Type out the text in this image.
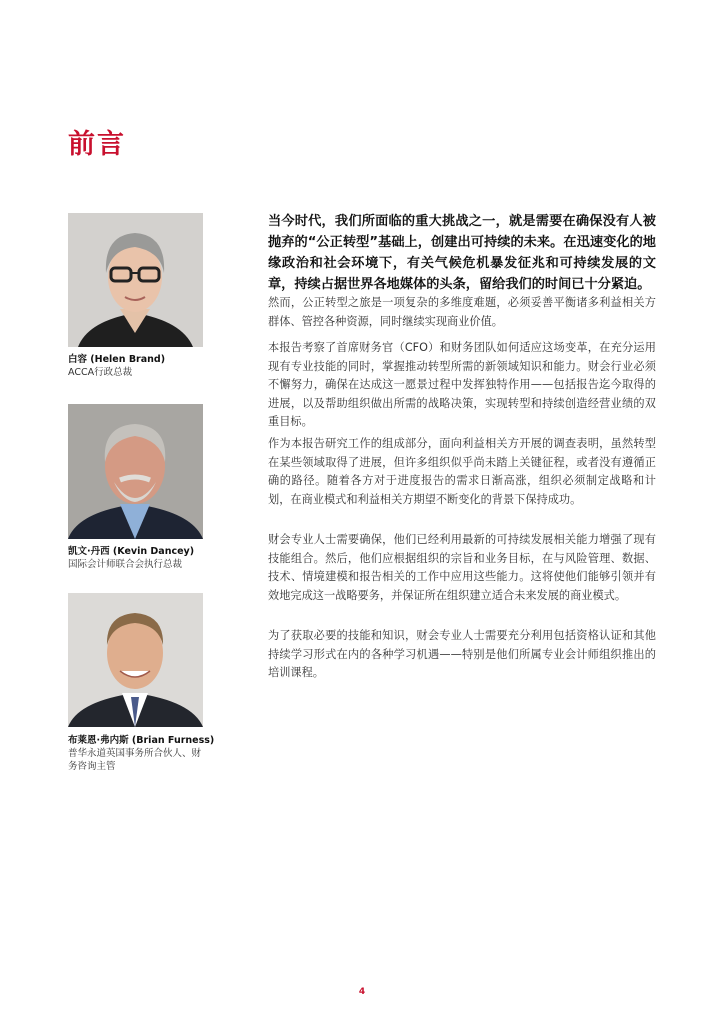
前言
白容 (Helen Brand)
ACCA行政总裁
凯文·丹西 (Kevin Dancey)
国际会计师联合会执行总裁
布莱恩·弗内斯 (Brian Furness)
普华永道英国事务所合伙人、财务咨询主管

当今时代，我们所面临的重大挑战之一，就是需要在确保没有人被抛弃的“公正转型”基础上，创建出可持续的未来。在迅速变化的地缘政治和社会环境下，有关气候危机暴发征兆和可持续发展的文章，持续占据世界各地媒体的头条，留给我们的时间已十分紧迫。

然而，公正转型之旅是一项复杂的多维度难题，必须妥善平衡诸多利益相关方群体、管控各种资源，同时继续实现商业价值。

本报告考察了首席财务官（CFO）和财务团队如何适应这场变革，在充分运用现有专业技能的同时，掌握推动转型所需的新领域知识和能力。财会行业必须不懈努力，确保在达成这一愿景过程中发挥独特作用——包括报告迄今取得的进展，以及帮助组织做出所需的战略决策，实现转型和持续创造经营业绩的双重目标。

作为本报告研究工作的组成部分，面向利益相关方开展的调查表明，虽然转型在某些领域取得了进展，但许多组织似乎尚未踏上关键征程，或者没有遵循正确的路径。随着各方对于进度报告的需求日渐高涨，组织必须制定战略和计划，在商业模式和利益相关方期望不断变化的背景下保持成功。

财会专业人士需要确保，他们已经利用最新的可持续发展相关能力增强了现有技能组合。然后，他们应根据组织的宗旨和业务目标，在与风险管理、数据、技术、情境建模和报告相关的工作中应用这些能力。这将使他们能够引领并有效地完成这一战略要务，并保证所在组织建立适合未来发展的商业模式。

为了获取必要的技能和知识，财会专业人士需要充分利用包括资格认证和其他持续学习形式在内的各种学习机遇——特别是他们所属专业会计师组织推出的培训课程。

4
